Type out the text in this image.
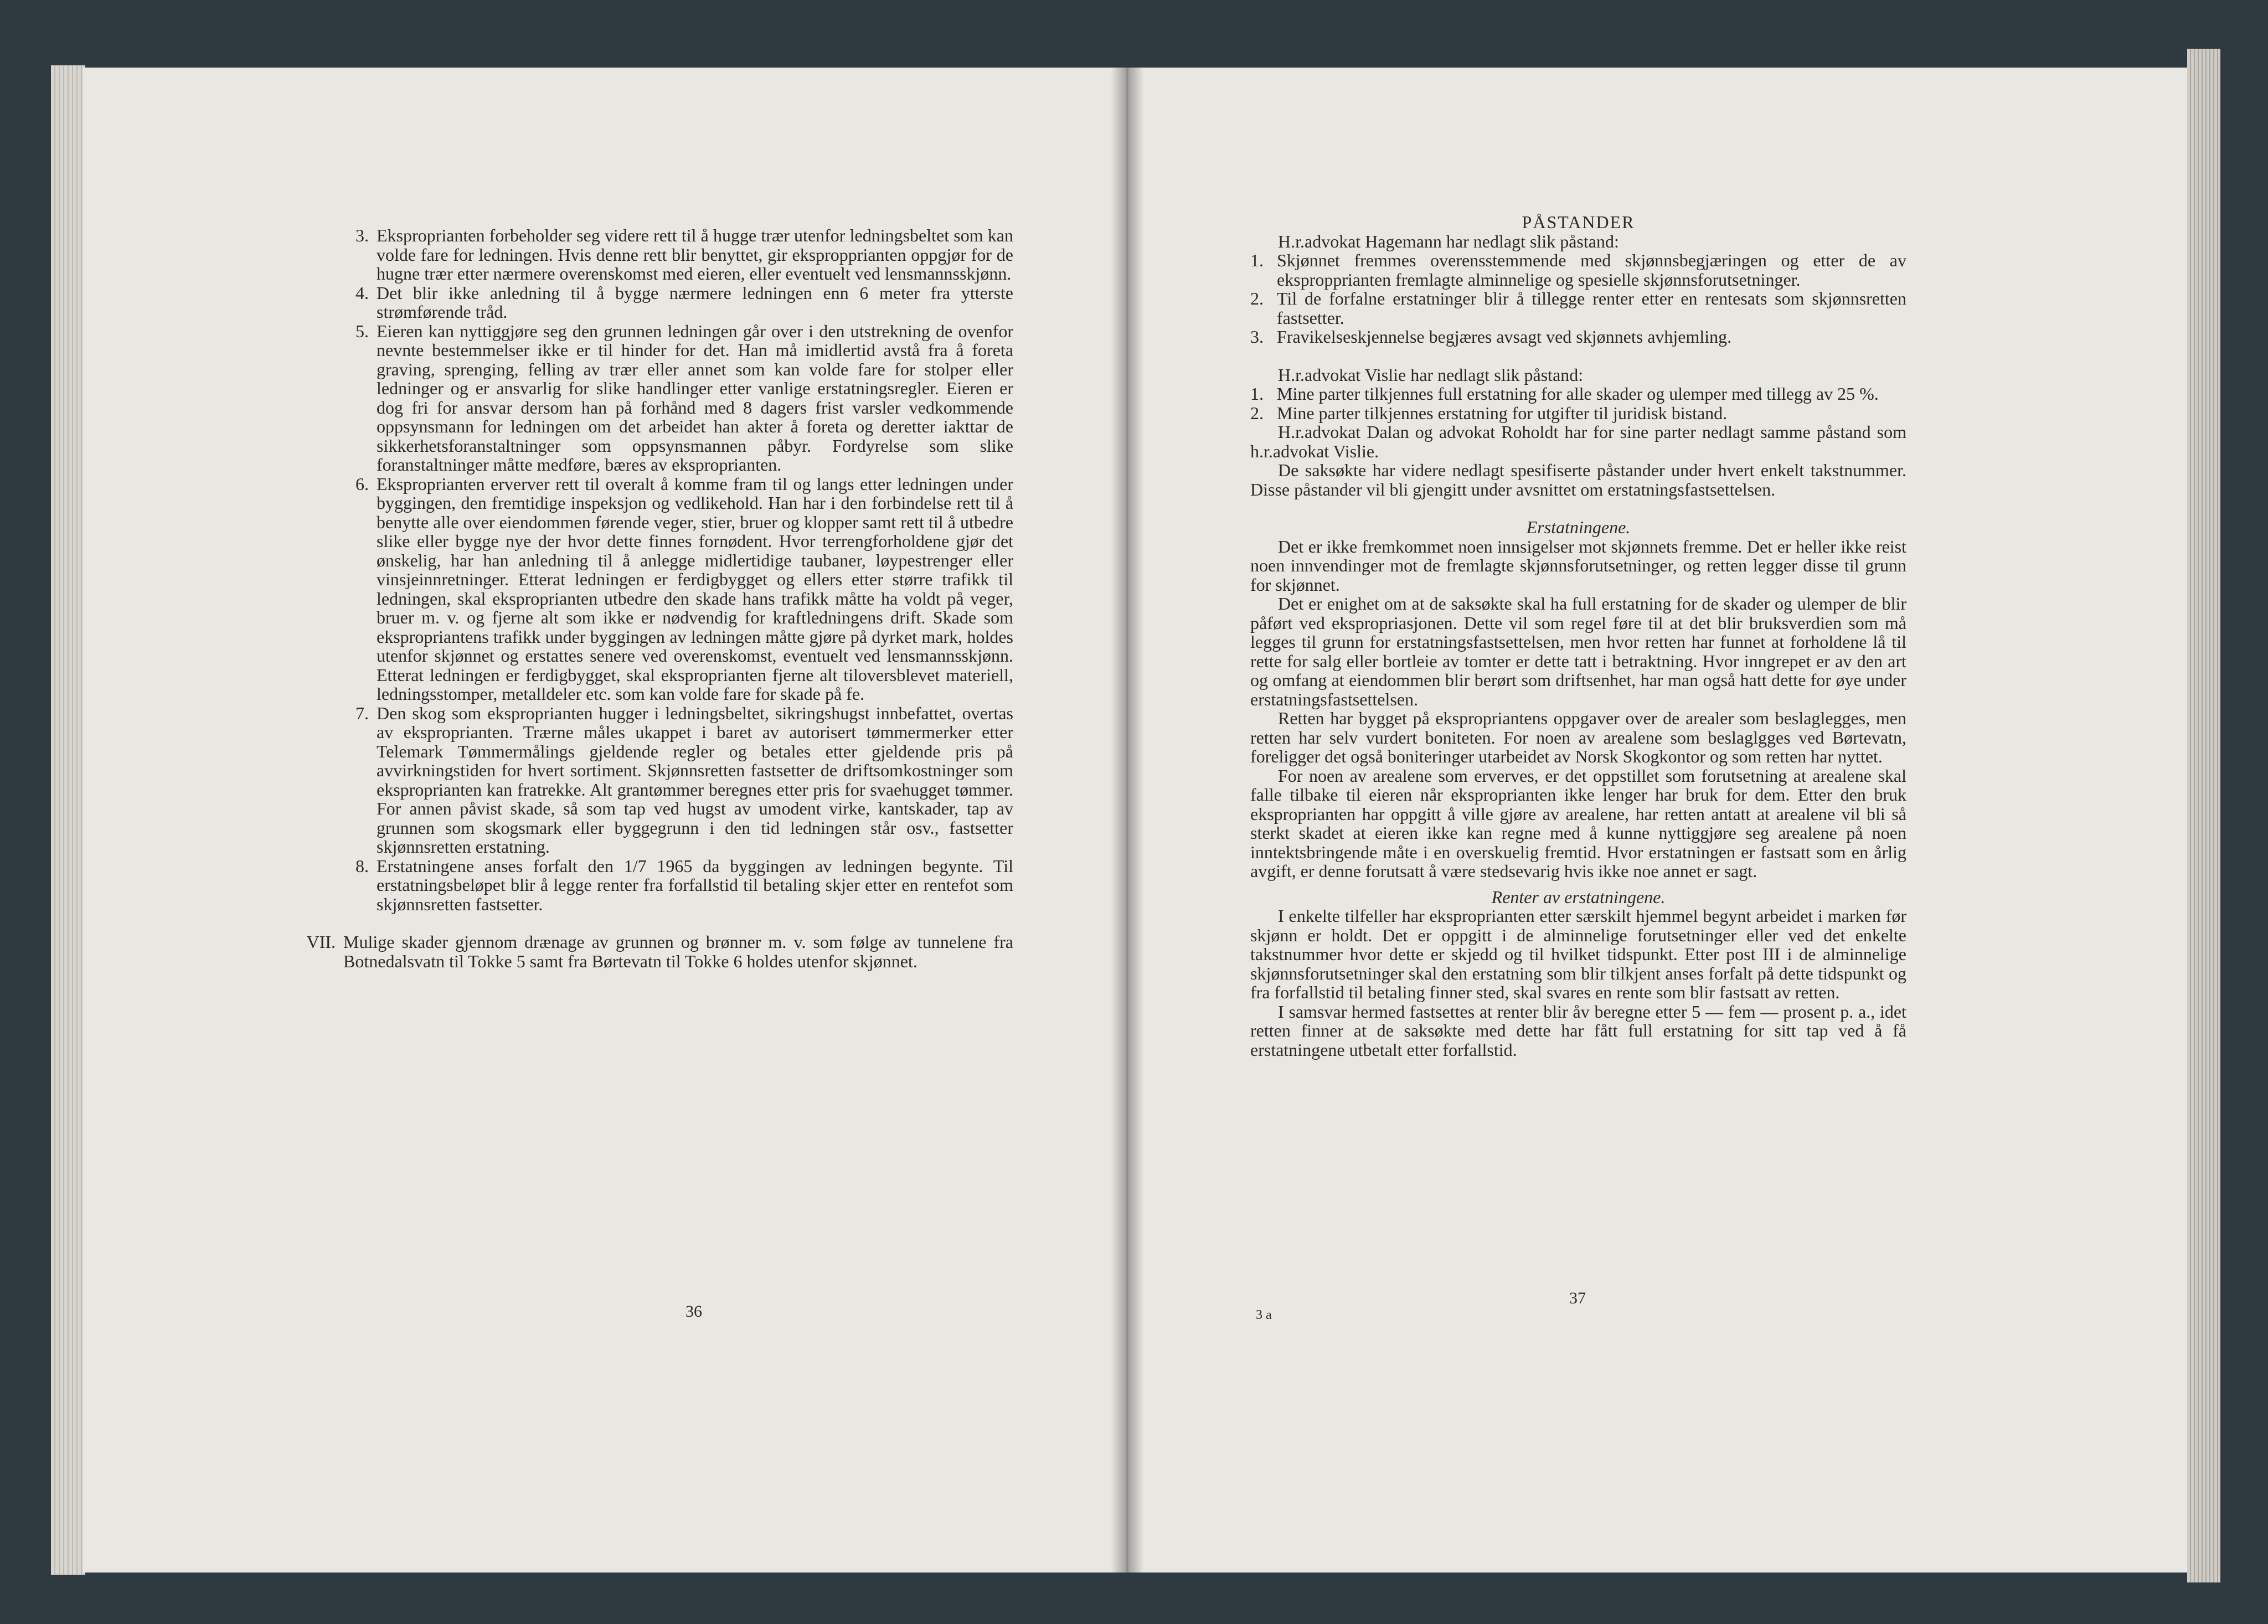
3. Eksproprianten forbeholder seg videre rett til å hugge trær utenfor ledningsbeltet som kan volde fare for ledningen. Hvis denne rett blir benyttet, gir ekspropprianten oppgjør for de hugne trær etter nærmere overenskomst med eieren, eller eventuelt ved lensmannsskjønn.

4. Det blir ikke anledning til å bygge nærmere ledningen enn 6 meter fra ytterste strømførende tråd.

5. Eieren kan nyttiggjøre seg den grunnen ledningen går over i den utstrekning de ovenfor nevnte bestemmelser ikke er til hinder for det. Han må imidlertid avstå fra å foreta graving, sprenging, felling av trær eller annet som kan volde fare for stolper eller ledninger og er ansvarlig for slike handlinger etter vanlige erstatningsregler. Eieren er dog fri for ansvar dersom han på forhånd med 8 dagers frist varsler vedkommende oppsynsmann for ledningen om det arbeidet han akter å foreta og deretter iakttar de sikkerhetsforanstaltninger som oppsynsmannen påbyr. Fordyrelse som slike foranstaltninger måtte medføre, bæres av eksproprianten.

6. Eksproprianten erverver rett til overalt å komme fram til og langs etter ledningen under byggingen, den fremtidige inspeksjon og vedlikehold. Han har i den forbindelse rett til å benytte alle over eiendommen førende veger, stier, bruer og klopper samt rett til å utbedre slike eller bygge nye der hvor dette finnes fornødent. Hvor terrengforholdene gjør det ønskelig, har han anledning til å anlegge midlertidige taubaner, løypestrenger eller vinsjeinnretninger. Etterat ledningen er ferdigbygget og ellers etter større trafikk til ledningen, skal eksproprianten utbedre den skade hans trafikk måtte ha voldt på veger, bruer m. v. og fjerne alt som ikke er nødvendig for kraftledningens drift. Skade som ekspropriantens trafikk under byggingen av ledningen måtte gjøre på dyrket mark, holdes utenfor skjønnet og erstattes senere ved overenskomst, eventuelt ved lensmannsskjønn. Etterat ledningen er ferdigbygget, skal eksproprianten fjerne alt tiloversblevet materiell, ledningsstomper, metalldeler etc. som kan volde fare for skade på fe.

7. Den skog som eksproprianten hugger i ledningsbeltet, sikringshugst innbefattet, overtas av eksproprianten. Trærne måles ukappet i baret av autorisert tømmermerker etter Telemark Tømmermålings gjeldende regler og betales etter gjeldende pris på avvirkningstiden for hvert sortiment. Skjønnsretten fastsetter de driftsomkostninger som eksproprianten kan fratrekke. Alt grantømmer beregnes etter pris for svaehugget tømmer. For annen påvist skade, så som tap ved hugst av umodent virke, kantskader, tap av grunnen som skogsmark eller byggegrunn i den tid ledningen står osv., fastsetter skjønnsretten erstatning.

8. Erstatningene anses forfalt den 1/7 1965 da byggingen av ledningen begynte. Til erstatningsbeløpet blir å legge renter fra forfallstid til betaling skjer etter en rentefot som skjønnsretten fastsetter.

VII. Mulige skader gjennom drænage av grunnen og brønner m. v. som følge av tunnelene fra Botnedalsvatn til Tokke 5 samt fra Børtevatn til Tokke 6 holdes utenfor skjønnet.

36

PÅSTANDER

H.r.advokat Hagemann har nedlagt slik påstand:

1. Skjønnet fremmes overensstemmende med skjønnsbegjæringen og etter de av ekspropprianten fremlagte alminnelige og spesielle skjønnsforutsetninger.

2. Til de forfalne erstatninger blir å tillegge renter etter en rentesats som skjønnsretten fastsetter.

3. Fravikelseskjennelse begjæres avsagt ved skjønnets avhjemling.

H.r.advokat Vislie har nedlagt slik påstand:

1. Mine parter tilkjennes full erstatning for alle skader og ulemper med tillegg av 25 %.

2. Mine parter tilkjennes erstatning for utgifter til juridisk bistand.

H.r.advokat Dalan og advokat Roholdt har for sine parter nedlagt samme påstand som h.r.advokat Vislie.

De saksøkte har videre nedlagt spesifiserte påstander under hvert enkelt takstnummer. Disse påstander vil bli gjengitt under avsnittet om erstatningsfastsettelsen.

Erstatningene.

Det er ikke fremkommet noen innsigelser mot skjønnets fremme. Det er heller ikke reist noen innvendinger mot de fremlagte skjønnsforutsetninger, og retten legger disse til grunn for skjønnet.

Det er enighet om at de saksøkte skal ha full erstatning for de skader og ulemper de blir påført ved ekspropriasjonen. Dette vil som regel føre til at det blir bruksverdien som må legges til grunn for erstatningsfastsettelsen, men hvor retten har funnet at forholdene lå til rette for salg eller bortleie av tomter er dette tatt i betraktning. Hvor inngrepet er av den art og omfang at eiendommen blir berørt som driftsenhet, har man også hatt dette for øye under erstatningsfastsettelsen.

Retten har bygget på ekspropriantens oppgaver over de arealer som beslaglegges, men retten har selv vurdert boniteten. For noen av arealene som beslaglgges ved Børtevatn, foreligger det også boniteringer utarbeidet av Norsk Skogkontor og som retten har nyttet.

For noen av arealene som erverves, er det oppstillet som forutsetning at arealene skal falle tilbake til eieren når eksproprianten ikke lenger har bruk for dem. Etter den bruk eksproprianten har oppgitt å ville gjøre av arealene, har retten antatt at arealene vil bli så sterkt skadet at eieren ikke kan regne med å kunne nyttiggjøre seg arealene på noen inntektsbringende måte i en overskuelig fremtid. Hvor erstatningen er fastsatt som en årlig avgift, er denne forutsatt å være stedsevarig hvis ikke noe annet er sagt.

Renter av erstatningene.

I enkelte tilfeller har eksproprianten etter særskilt hjemmel begynt arbeidet i marken før skjønn er holdt. Det er oppgitt i de alminnelige forutsetninger eller ved det enkelte takstnummer hvor dette er skjedd og til hvilket tidspunkt. Etter post III i de alminnelige skjønnsforutsetninger skal den erstatning som blir tilkjent anses forfalt på dette tidspunkt og fra forfallstid til betaling finner sted, skal svares en rente som blir fastsatt av retten.

I samsvar hermed fastsettes at renter blir åv beregne etter 5 — fem — prosent p. a., idet retten finner at de saksøkte med dette har fått full erstatning for sitt tap ved å få erstatningene utbetalt etter forfallstid.

3 a
37
